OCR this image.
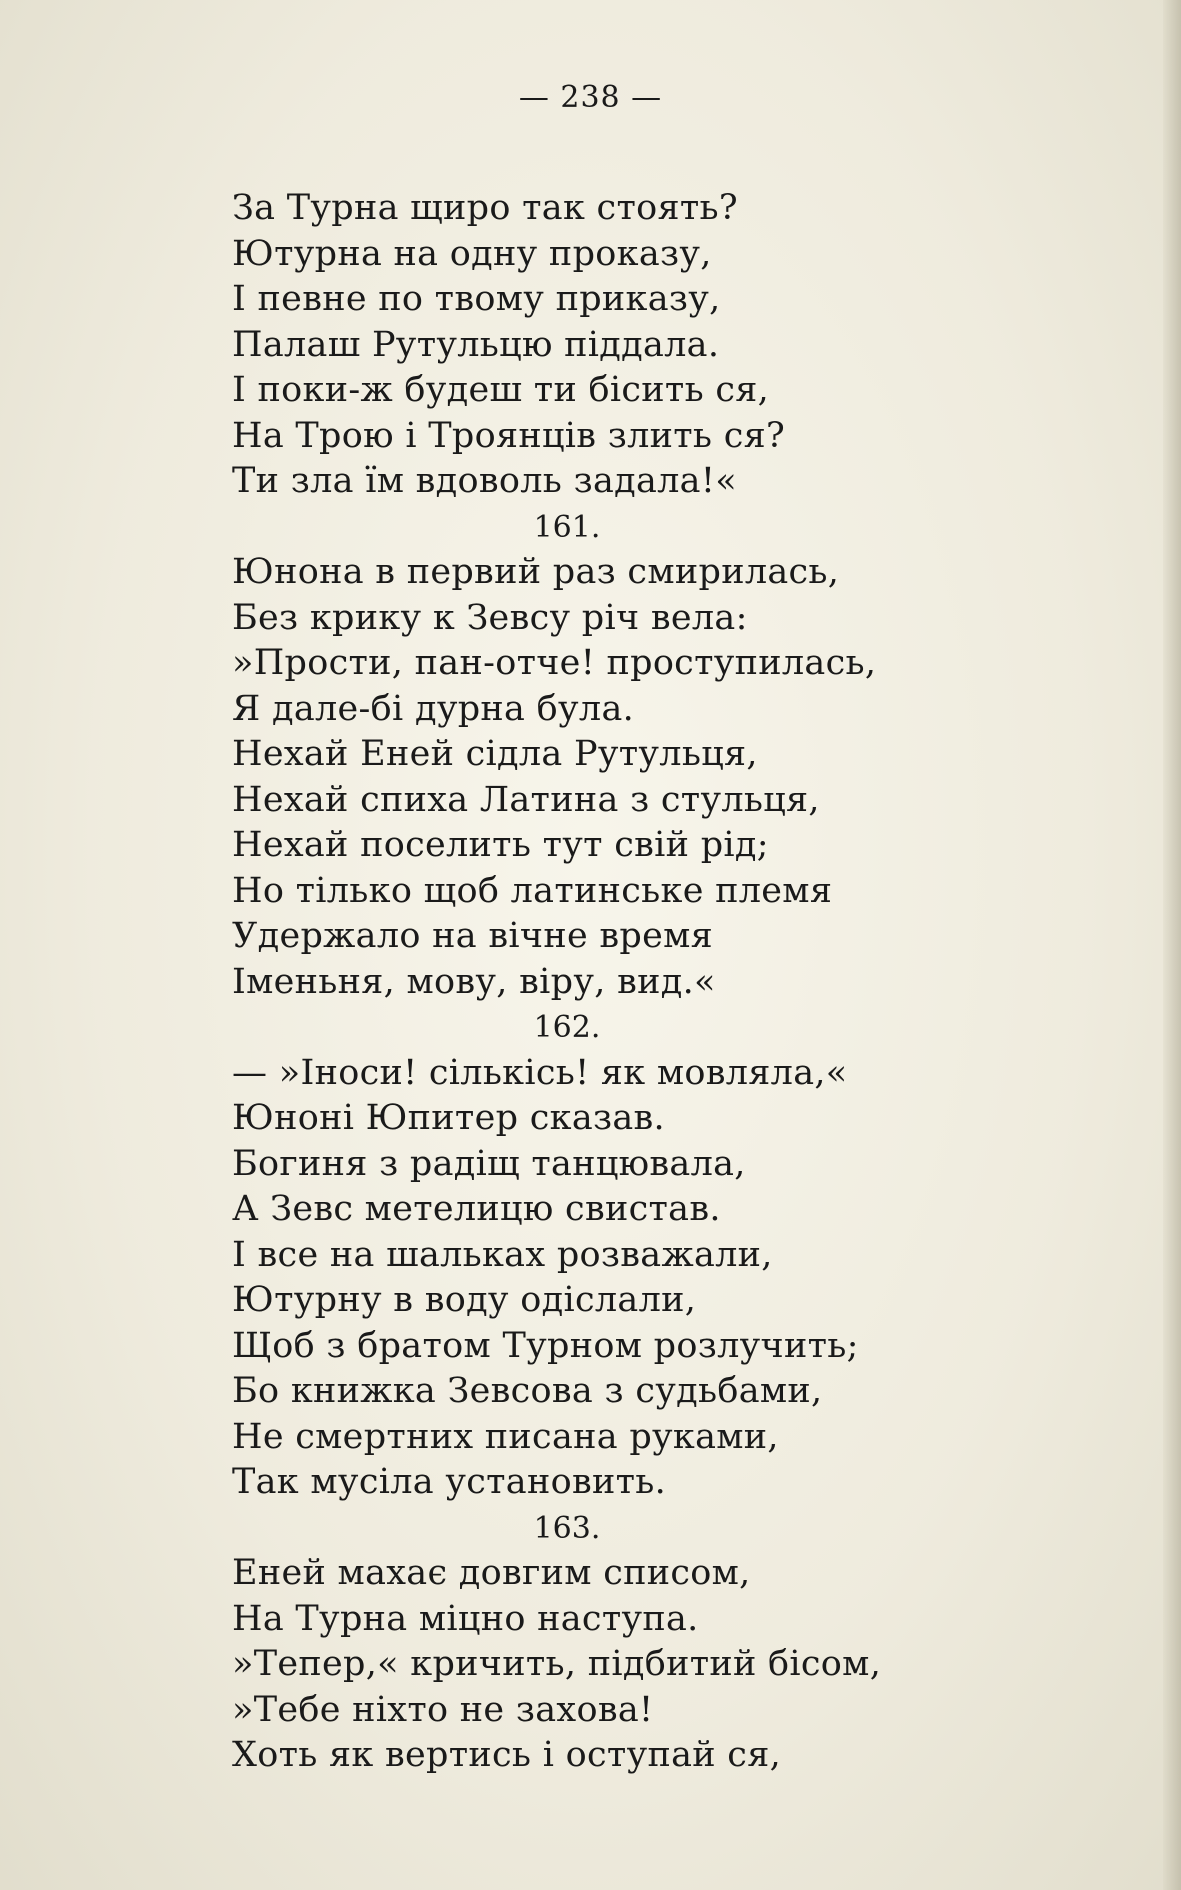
— 238 —
За Турна щиро так стоять?
Ютурна на одну проказу,
І певне по твому приказу,
Палаш Рутульцю піддала.
І поки-ж будеш ти бісить ся,
На Трою і Троянців злить ся?
Ти зла їм вдоволь задала!«
161.
Юнона в первий раз смирилась,
Без крику к Зевсу річ вела:
»Прости, пан-отче! проступилась,
Я дале-бі дурна була.
Нехай Еней сідла Рутульця,
Нехай спиха Латина з стульця,
Нехай поселить тут свій рід;
Но тілько щоб латинське племя
Удержало на вічне время
Іменьня, мову, віру, вид.«
162.
— »Іноси! сількісь! як мовляла,«
Юноні Юпитер сказав.
Богиня з радіщ танцювала,
А Зевс метелицю свистав.
І все на шальках розважали,
Ютурну в воду одіслали,
Щоб з братом Турном розлучить;
Бо книжка Зевсова з судьбами,
Не смертних писана руками,
Так мусіла установить.
163.
Еней махає довгим списом,
На Турна міцно наступа.
»Тепер,« кричить, підбитий бісом,
»Тебе ніхто не захова!
Хоть як вертись і оступай ся,
